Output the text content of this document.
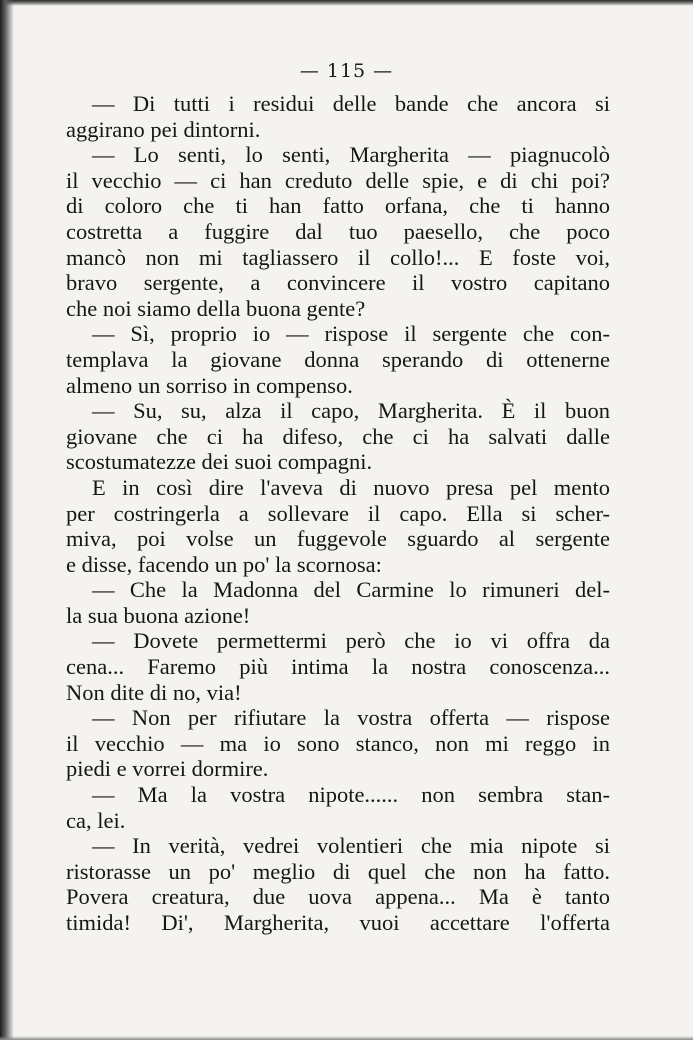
— 115 —
— Di tutti i residui delle bande che ancora si
aggirano pei dintorni.
— Lo senti, lo senti, Margherita — piagnucolò
il vecchio — ci han creduto delle spie, e di chi poi?
di coloro che ti han fatto orfana, che ti hanno
costretta a fuggire dal tuo paesello, che poco
mancò non mi tagliassero il collo!... E foste voi,
bravo sergente, a convincere il vostro capitano
che noi siamo della buona gente?
— Sì, proprio io — rispose il sergente che con-
templava la giovane donna sperando di ottenerne
almeno un sorriso in compenso.
— Su, su, alza il capo, Margherita. È il buon
giovane che ci ha difeso, che ci ha salvati dalle
scostumatezze dei suoi compagni.
E in così dire l'aveva di nuovo presa pel mento
per costringerla a sollevare il capo. Ella si scher-
miva, poi volse un fuggevole sguardo al sergente
e disse, facendo un po' la scornosa:
— Che la Madonna del Carmine lo rimuneri del-
la sua buona azione!
— Dovete permettermi però che io vi offra da
cena... Faremo più intima la nostra conoscenza...
Non dite di no, via!
— Non per rifiutare la vostra offerta — rispose
il vecchio — ma io sono stanco, non mi reggo in
piedi e vorrei dormire.
— Ma la vostra nipote...... non sembra stan-
ca, lei.
— In verità, vedrei volentieri che mia nipote si
ristorasse un po' meglio di quel che non ha fatto.
Povera creatura, due uova appena... Ma è tanto
timida! Di', Margherita, vuoi accettare l'offerta
